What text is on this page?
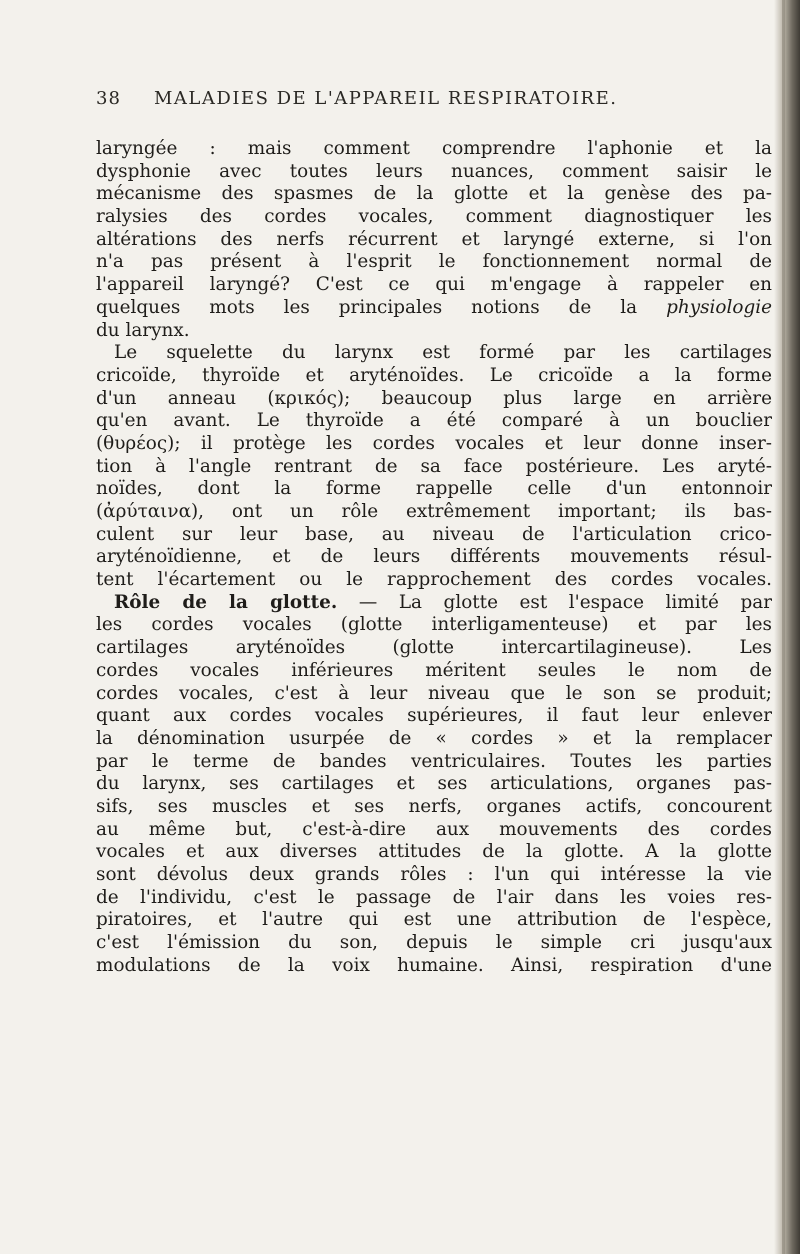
38 MALADIES DE L'APPAREIL RESPIRATOIRE.
laryngée : mais comment comprendre l'aphonie et la
dysphonie avec toutes leurs nuances, comment saisir le
mécanisme des spasmes de la glotte et la genèse des pa-
ralysies des cordes vocales, comment diagnostiquer les
altérations des nerfs récurrent et laryngé externe, si l'on
n'a pas présent à l'esprit le fonctionnement normal de
l'appareil laryngé? C'est ce qui m'engage à rappeler en
quelques mots les principales notions de la physiologie
du larynx.
Le squelette du larynx est formé par les cartilages
cricoïde, thyroïde et aryténoïdes. Le cricoïde a la forme
d'un anneau (κρικός); beaucoup plus large en arrière
qu'en avant. Le thyroïde a été comparé à un bouclier
(θυρέος); il protège les cordes vocales et leur donne inser-
tion à l'angle rentrant de sa face postérieure. Les aryté-
noïdes, dont la forme rappelle celle d'un entonnoir
(ἀρύταινα), ont un rôle extrêmement important; ils bas-
culent sur leur base, au niveau de l'articulation crico-
aryténoïdienne, et de leurs différents mouvements résul-
tent l'écartement ou le rapprochement des cordes vocales.
Rôle de la glotte. — La glotte est l'espace limité par
les cordes vocales (glotte interligamenteuse) et par les
cartilages aryténoïdes (glotte intercartilagineuse). Les
cordes vocales inférieures méritent seules le nom de
cordes vocales, c'est à leur niveau que le son se produit;
quant aux cordes vocales supérieures, il faut leur enlever
la dénomination usurpée de « cordes » et la remplacer
par le terme de bandes ventriculaires. Toutes les parties
du larynx, ses cartilages et ses articulations, organes pas-
sifs, ses muscles et ses nerfs, organes actifs, concourent
au même but, c'est-à-dire aux mouvements des cordes
vocales et aux diverses attitudes de la glotte. A la glotte
sont dévolus deux grands rôles : l'un qui intéresse la vie
de l'individu, c'est le passage de l'air dans les voies res-
piratoires, et l'autre qui est une attribution de l'espèce,
c'est l'émission du son, depuis le simple cri jusqu'aux
modulations de la voix humaine. Ainsi, respiration d'une
